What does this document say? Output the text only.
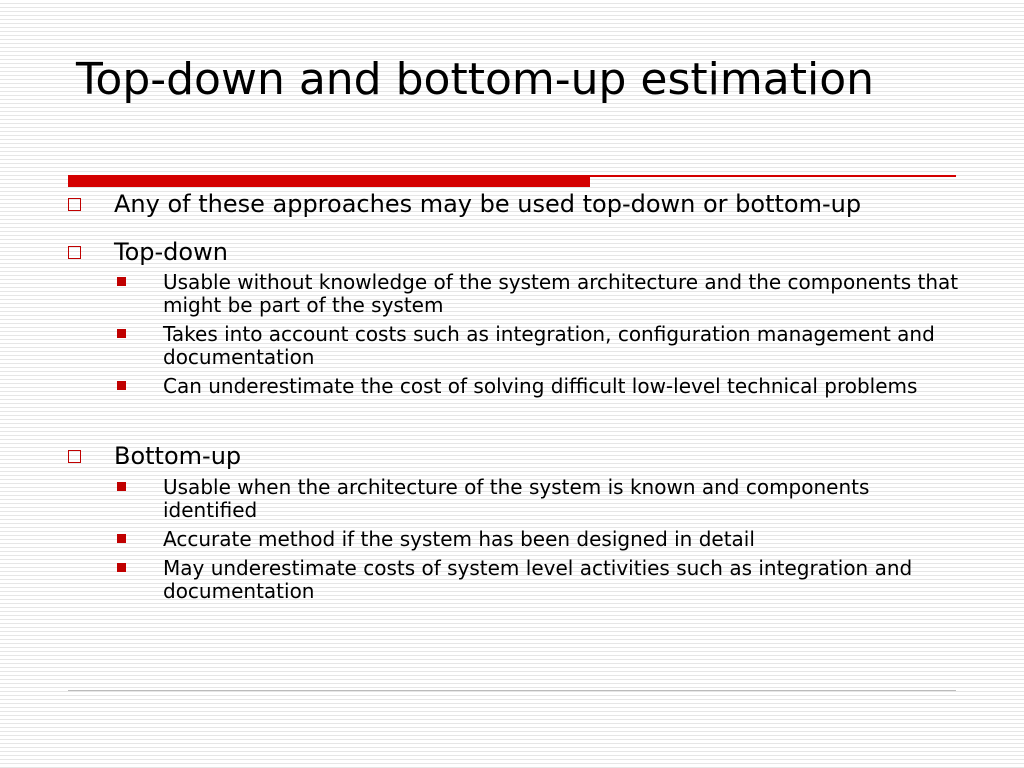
Top-down and bottom-up estimation
Any of these approaches may be used top-down or bottom-up
Top-down
Usable without knowledge of the system architecture and the components that might be part of the system
Takes into account costs such as integration, configuration management and documentation
Can underestimate the cost of solving difficult low-level technical problems
Bottom-up
Usable when the architecture of the system is known and components identified
Accurate method if the system has been designed in detail
May underestimate costs of system level activities such as integration and documentation
